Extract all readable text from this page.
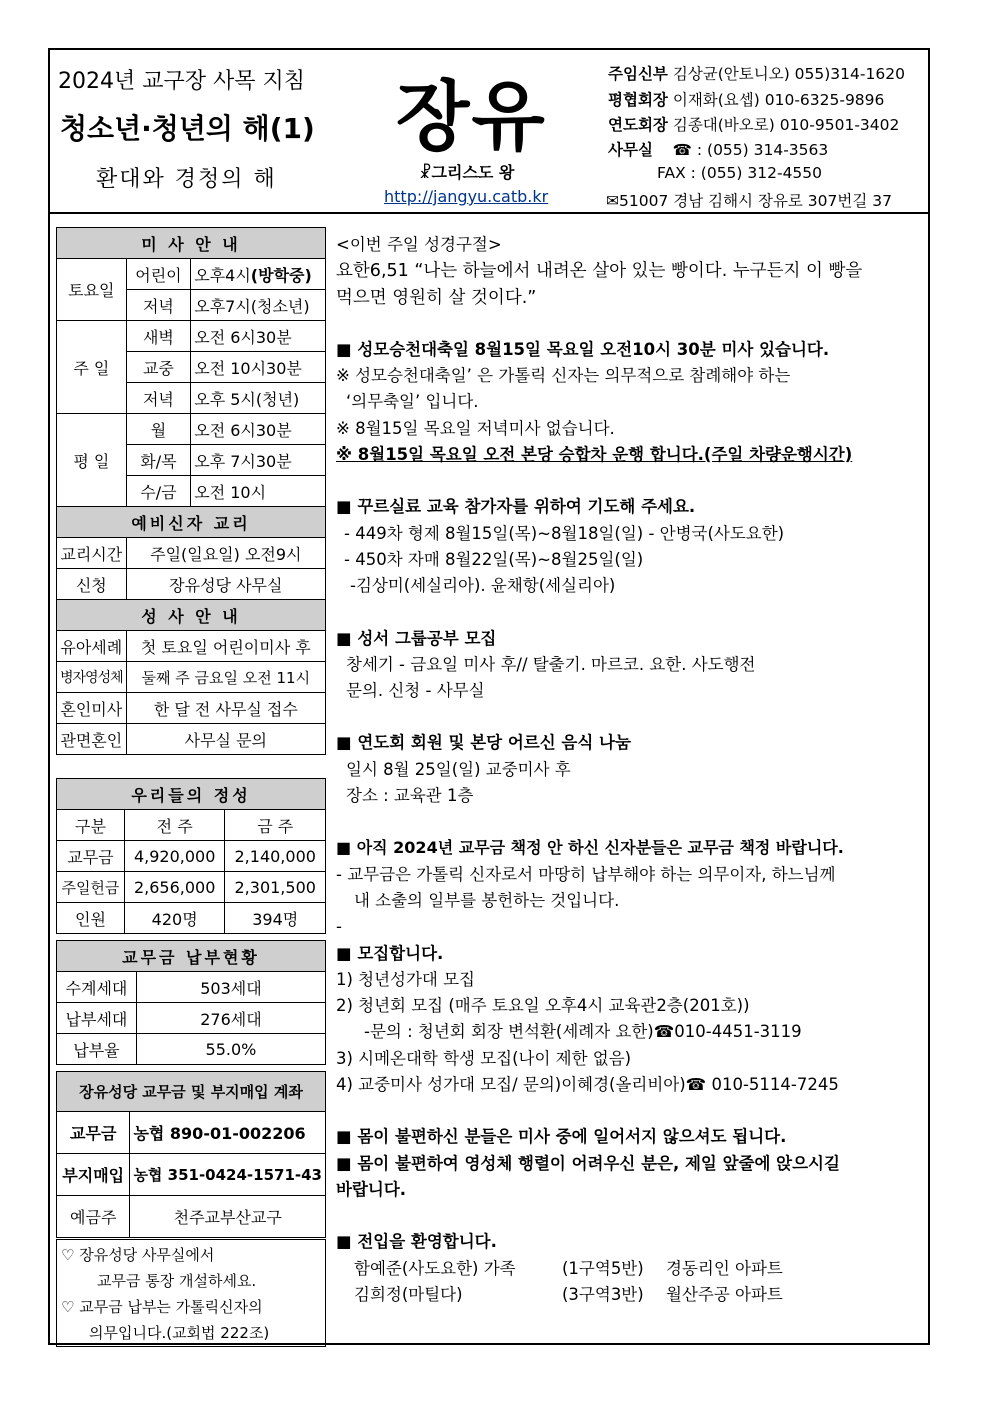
2024년 교구장 사목 지침
청소년·청년의 해(1)
환대와 경청의 해
장유
☧그리스도 왕
http://jangyu.catb.kr
주임신부 김상균(안토니오) 055)314-1620
평협회장 이재화(요셉) 010-6325-9896
연도회장 김종대(바오로) 010-9501-3402
사무실 ☎ : (055) 314-3563
FAX : (055) 312-4550
✉51007 경남 김해시 장유로 307번길 37
미 사 안 내		
토요일	어린이	오후4시(방학중)
	저녁	오후7시(청소년)
주 일	새벽	오전 6시30분
	교중	오전 10시30분
	저녁	오후 5시(청년)
평 일	월	오전 6시30분
	화/목	오후 7시30분
	수/금	오전 10시
예비신자 교리		
교리시간	주일(일요일) 오전9시	
신청	장유성당 사무실	
성 사 안 내		
유아세례	첫 토요일 어린이미사 후	
병자영성체	둘째 주 금요일 오전 11시	
혼인미사	한 달 전 사무실 접수	
관면혼인	사무실 문의	
우리들의 정성		
구분	전 주	금 주
교무금	4,920,000	2,140,000
주일헌금	2,656,000	2,301,500
인원	420명	394명
교무금 납부현황	
수계세대	503세대
납부세대	276세대
납부율	55.0%
장유성당 교무금 및 부지매입 계좌	
교무금	농협 890-01-002206
부지매입	농협 351-0424-1571-43
예금주	천주교부산교구
♡ 장유성당 사무실에서
교무금 통장 개설하세요.
♡ 교무금 납부는 가톨릭신자의
의무입니다.(교회법 222조)

<이번 주일 성경구절>

요한6,51 “나는 하늘에서 내려온 살아 있는 빵이다. 누구든지 이 빵을

먹으면 영원히 살 것이다.”

■ 성모승천대축일 8월15일 목요일 오전10시 30분 미사 있습니다.

※ 성모승천대축일’ 은 가톨릭 신자는 의무적으로 참례해야 하는

‘의무축일’ 입니다.

※ 8월15일 목요일 저녁미사 없습니다.

※ 8월15일 목요일 오전 본당 승합차 운행 합니다.(주일 차량운행시간)

■ 꾸르실료 교육 참가자를 위하여 기도해 주세요.

- 449차 형제 8월15일(목)~8월18일(일) - 안병국(사도요한)

- 450차 자매 8월22일(목)~8월25일(일)

-김상미(세실리아). 윤채항(세실리아)

■ 성서 그룹공부 모집

창세기 - 금요일 미사 후// 탈출기. 마르코. 요한. 사도행전

문의. 신청 - 사무실

■ 연도회 회원 및 본당 어르신 음식 나눔

일시 8월 25일(일) 교중미사 후

장소 : 교육관 1층

■ 아직 2024년 교무금 책정 안 하신 신자분들은 교무금 책정 바랍니다.

- 교무금은 가톨릭 신자로서 마땅히 납부해야 하는 의무이자, 하느님께

내 소출의 일부를 봉헌하는 것입니다.

-

■ 모집합니다.

1) 청년성가대 모집

2) 청년회 모집 (매주 토요일 오후4시 교육관2층(201호))

-문의 : 청년회 회장 변석환(세례자 요한)☎010-4451-3119

3) 시메온대학 학생 모집(나이 제한 없음)

4) 교중미사 성가대 모집/ 문의)이혜경(올리비아)☎ 010-5114-7245

■ 몸이 불편하신 분들은 미사 중에 일어서지 않으셔도 됩니다.

■ 몸이 불편하여 영성체 행렬이 어려우신 분은, 제일 앞줄에 앉으시길

바랍니다.

■ 전입을 환영합니다.

함예준(사도요한) 가족	(1구역5반) 경동리인 아파트

김희정(마틸다)	(3구역3반) 월산주공 아파트
